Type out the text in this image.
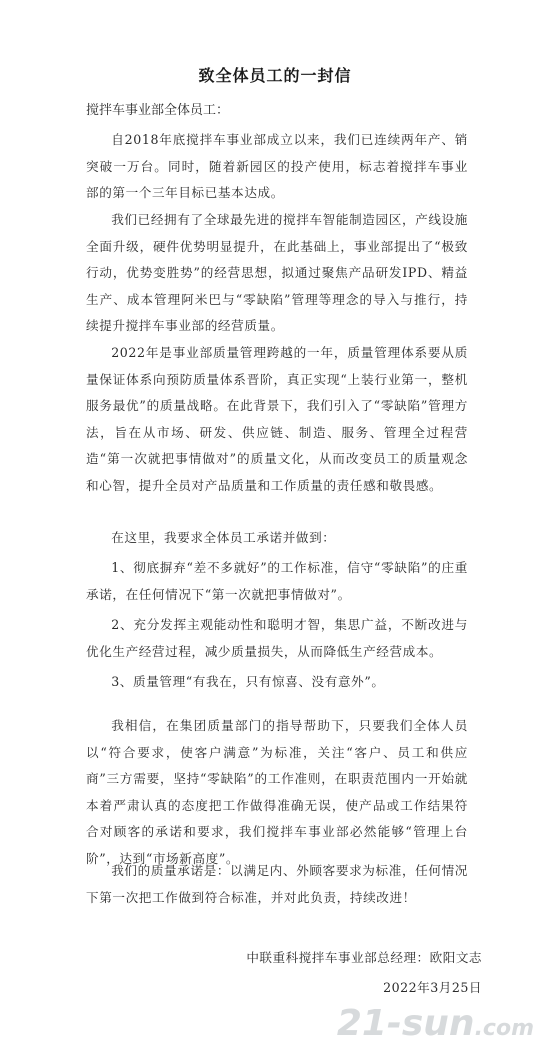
致全体员工的一封信
搅拌车事业部全体员工：

自2018年底搅拌车事业部成立以来，我们已连续两年产、销突破一万台。同时，随着新园区的投产使用，标志着搅拌车事业部的第一个三年目标已基本达成。

我们已经拥有了全球最先进的搅拌车智能制造园区，产线设施全面升级，硬件优势明显提升，在此基础上，事业部提出了“极致行动，优势变胜势”的经营思想，拟通过聚焦产品研发IPD、精益生产、成本管理阿米巴与“零缺陷”管理等理念的导入与推行，持续提升搅拌车事业部的经营质量。

2022年是事业部质量管理跨越的一年，质量管理体系要从质量保证体系向预防质量体系晋阶，真正实现“上装行业第一，整机服务最优”的质量战略。在此背景下，我们引入了“零缺陷”管理方法，旨在从市场、研发、供应链、制造、服务、管理全过程营造“第一次就把事情做对”的质量文化，从而改变员工的质量观念和心智，提升全员对产品质量和工作质量的责任感和敬畏感。

在这里，我要求全体员工承诺并做到：

1、彻底摒弃“差不多就好”的工作标准，信守“零缺陷”的庄重承诺，在任何情况下“第一次就把事情做对”。

2、充分发挥主观能动性和聪明才智，集思广益，不断改进与优化生产经营过程，减少质量损失，从而降低生产经营成本。

3、质量管理“有我在，只有惊喜、没有意外”。

我相信，在集团质量部门的指导帮助下，只要我们全体人员以“符合要求，使客户满意”为标准，关注“客户、员工和供应商”三方需要，坚持“零缺陷”的工作准则，在职责范围内一开始就本着严肃认真的态度把工作做得准确无误，使产品或工作结果符合对顾客的承诺和要求，我们搅拌车事业部必然能够“管理上台阶”，达到“市场新高度”。

我们的质量承诺是：以满足内、外顾客要求为标准，任何情况下第一次把工作做到符合标准，并对此负责，持续改进！

中联重科搅拌车事业部总经理：欧阳文志
2022年3月25日
21-sun.com
